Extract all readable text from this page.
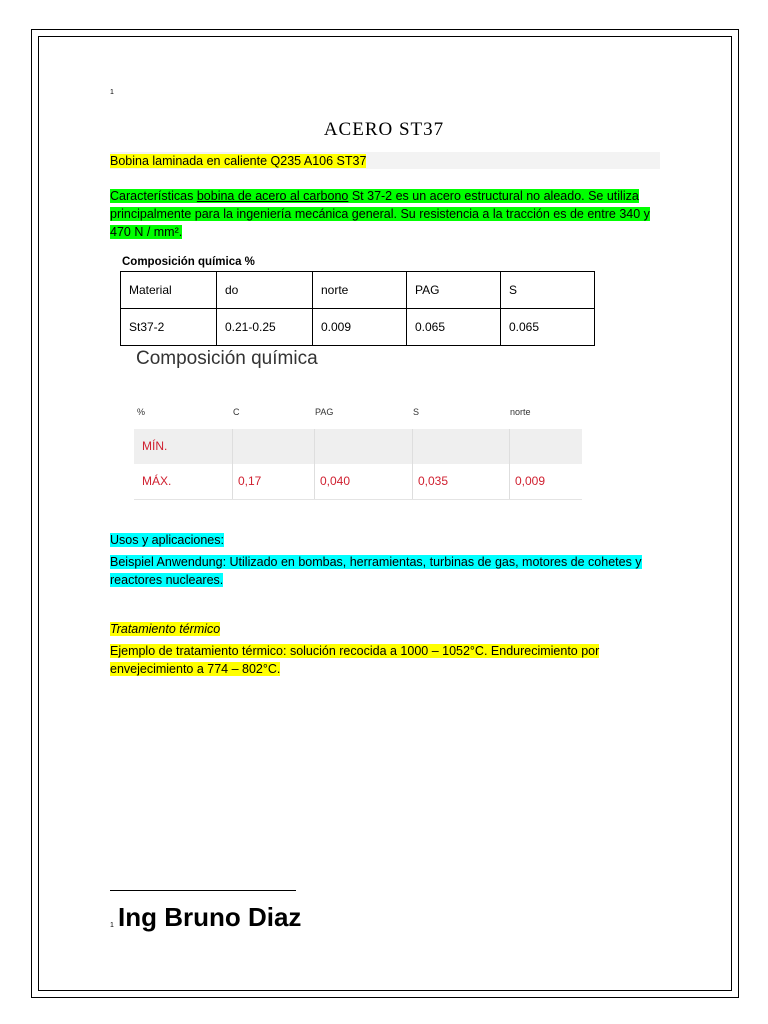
1
ACERO ST37
Bobina laminada en caliente Q235 A106 ST37
Características bobina de acero al carbono St 37-2 es un acero estructural no aleado. Se utiliza principalmente para la ingeniería mecánica general. Su resistencia a la tracción es de entre 340 y 470 N / mm².
Composición química %
Material	do	norte	PAG	S
St37-2	0.21-0.25	0.009	0.065	0.065
Composición química
%	C	PAG	S	norte
MÍN.
MÁX.	0,17	0,040	0,035	0,009
Usos y aplicaciones:
Beispiel Anwendung: Utilizado en bombas, herramientas, turbinas de gas, motores de cohetes y reactores nucleares.
Tratamiento térmico
Ejemplo de tratamiento térmico: solución recocida a 1000 – 1052°C. Endurecimiento por envejecimiento a 774 – 802°C.
1 Ing Bruno Diaz
